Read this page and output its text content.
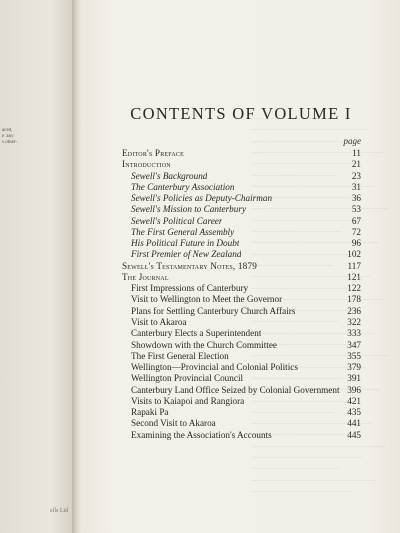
aced,
e 'any
s other-
ells Ltd
CONTENTS OF VOLUME I
page
Editor's Preface	11
Introduction	21
Sewell's Background	23
The Canterbury Association	31
Sewell's Policies as Deputy-Chairman	36
Sewell's Mission to Canterbury	53
Sewell's Political Career	67
The First General Assembly	72
His Political Future in Doubt	96
First Premier of New Zealand	102
Sewell's Testamentary Notes, 1879	117
The Journal	121
First Impressions of Canterbury	122
Visit to Wellington to Meet the Governor	178
Plans for Settling Canterbury Church Affairs	236
Visit to Akaroa	322
Canterbury Elects a Superintendent	333
Showdown with the Church Committee	347
The First General Election	355
Wellington—Provincial and Colonial Politics	379
Wellington Provincial Council	391
Canterbury Land Office Seized by Colonial Government 396
Visits to Kaiapoi and Rangiora	421
Rapaki Pa	435
Second Visit to Akaroa	441
Examining the Association's Accounts	445
